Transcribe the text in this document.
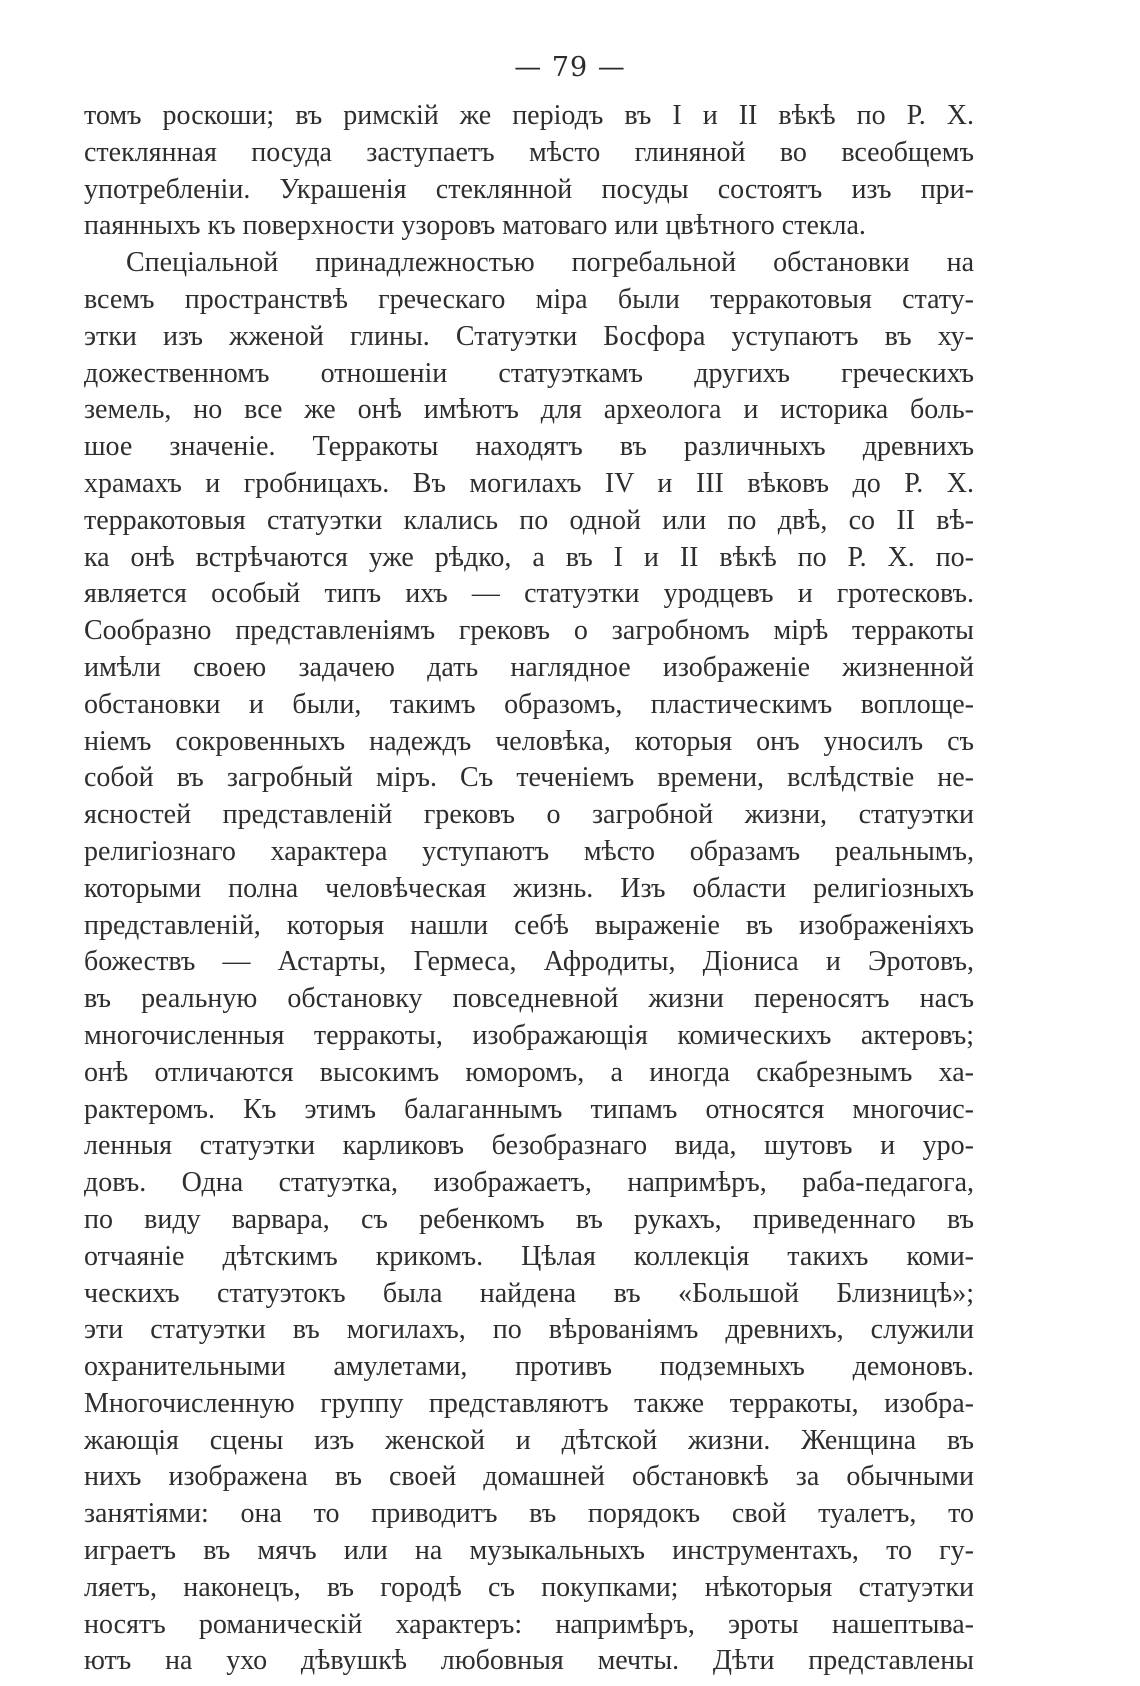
— 79 —
томъ роскоши; въ римскій же періодъ въ I и II вѣкѣ по Р. X.
стеклянная посуда заступаетъ мѣсто глиняной во всеобщемъ
употребленіи. Украшенія стеклянной посуды состоятъ изъ при-
паянныхъ къ поверхности узоровъ матоваго или цвѣтного стекла.
Спеціальной принадлежностью погребальной обстановки на
всемъ пространствѣ греческаго міра были терракотовыя стату-
этки изъ жженой глины. Статуэтки Босфора уступаютъ въ ху-
дожественномъ отношеніи статуэткамъ другихъ греческихъ
земель, но все же онѣ имѣютъ для археолога и историка боль-
шое значеніе. Терракоты находятъ въ различныхъ древнихъ
храмахъ и гробницахъ. Въ могилахъ IV и III вѣковъ до Р. X.
терракотовыя статуэтки клались по одной или по двѣ, со II вѣ-
ка онѣ встрѣчаются уже рѣдко, а въ I и II вѣкѣ по Р. X. по-
является особый типъ ихъ — статуэтки уродцевъ и гротесковъ.
Сообразно представленіямъ грековъ о загробномъ мірѣ терракоты
имѣли своею задачею дать наглядное изображеніе жизненной
обстановки и были, такимъ образомъ, пластическимъ воплоще-
ніемъ сокровенныхъ надеждъ человѣка, которыя онъ уносилъ съ
собой въ загробный міръ. Съ теченіемъ времени, вслѣдствіе не-
ясностей представленій грековъ о загробной жизни, статуэтки
религіознаго характера уступаютъ мѣсто образамъ реальнымъ,
которыми полна человѣческая жизнь. Изъ области религіозныхъ
представленій, которыя нашли себѣ выраженіе въ изображеніяхъ
божествъ — Астарты, Гермеса, Афродиты, Діониса и Эротовъ,
въ реальную обстановку повседневной жизни переносятъ насъ
многочисленныя терракоты, изображающія комическихъ актеровъ;
онѣ отличаются высокимъ юморомъ, а иногда скабрезнымъ ха-
рактеромъ. Къ этимъ балаганнымъ типамъ относятся многочис-
ленныя статуэтки карликовъ безобразнаго вида, шутовъ и уро-
довъ. Одна статуэтка, изображаетъ, напримѣръ, раба-педагога,
по виду варвара, съ ребенкомъ въ рукахъ, приведеннаго въ
отчаяніе дѣтскимъ крикомъ. Цѣлая коллекція такихъ коми-
ческихъ статуэтокъ была найдена въ «Большой Близницѣ»;
эти статуэтки въ могилахъ, по вѣрованіямъ древнихъ, служили
охранительными амулетами, противъ подземныхъ демоновъ.
Многочисленную группу представляютъ также терракоты, изобра-
жающія сцены изъ женской и дѣтской жизни. Женщина въ
нихъ изображена въ своей домашней обстановкѣ за обычными
занятіями: она то приводитъ въ порядокъ свой туалетъ, то
играетъ въ мячъ или на музыкальныхъ инструментахъ, то гу-
ляетъ, наконецъ, въ городѣ съ покупками; нѣкоторыя статуэтки
носятъ романическій характеръ: напримѣръ, эроты нашептыва-
ютъ на ухо дѣвушкѣ любовныя мечты. Дѣти представлены
